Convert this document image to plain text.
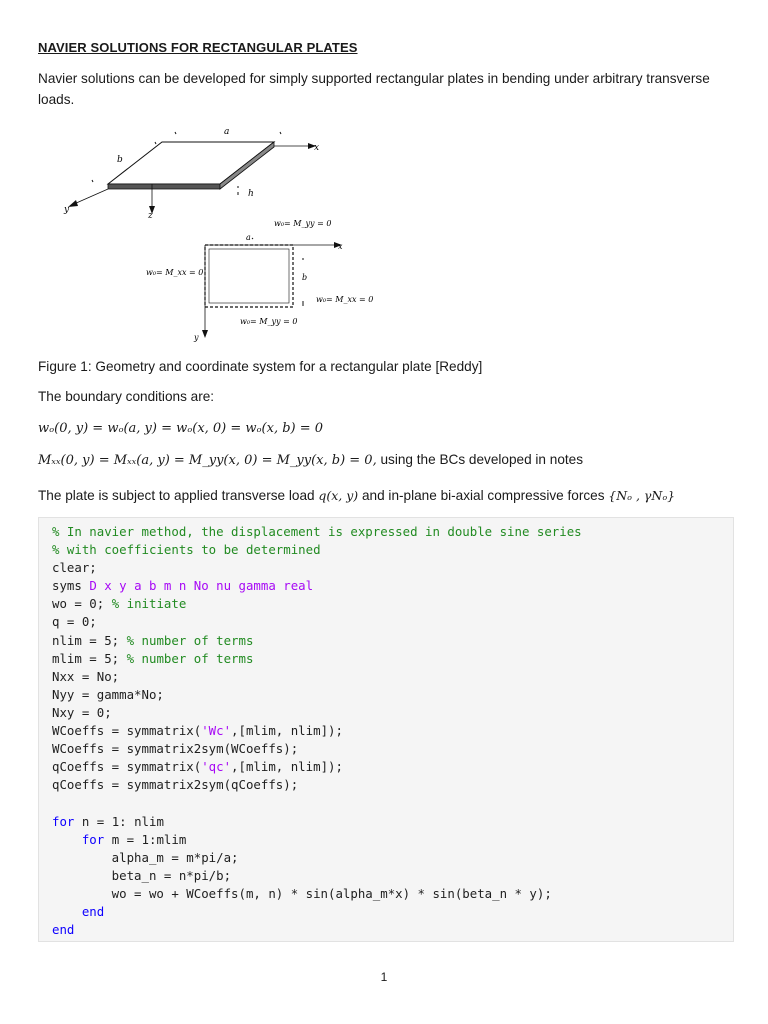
NAVIER SOLUTIONS FOR RECTANGULAR PLATES
Navier solutions can be developed for simply supported rectangular plates in bending under arbitrary transverse loads.
a
b
x
y
z
h
a
b
x
y
w₀= M_yy = 0
w₀= M_xx = 0
w₀= M_xx = 0
w₀= M_yy = 0
Figure 1: Geometry and coordinate system for a rectangular plate [Reddy]
The boundary conditions are:
wₒ(0, y) = wₒ(a, y) = wₒ(x, 0) = wₒ(x, b) = 0
Mₓₓ(0, y) = Mₓₓ(a, y) = M_yy(x, 0) = M_yy(x, b) = 0, using the BCs developed in notes
The plate is subject to applied transverse load q(x, y) and in-plane bi-axial compressive forces {Nₒ , γNₒ}
% In navier method, the displacement is expressed in double sine series
% with coefficients to be determined
clear;
syms D x y a b m n No nu gamma real
wo = 0; % initiate
q = 0;
nlim = 5; % number of terms
mlim = 5; % number of terms
Nxx = No;
Nyy = gamma*No;
Nxy = 0;
WCoeffs = symmatrix('Wc',[mlim, nlim]);
WCoeffs = symmatrix2sym(WCoeffs);
qCoeffs = symmatrix('qc',[mlim, nlim]);
qCoeffs = symmatrix2sym(qCoeffs);
for n = 1: nlim
for m = 1:mlim
alpha_m = m*pi/a;
beta_n = n*pi/b;
wo = wo + WCoeffs(m, n) * sin(alpha_m*x) * sin(beta_n * y);
end
end
1
